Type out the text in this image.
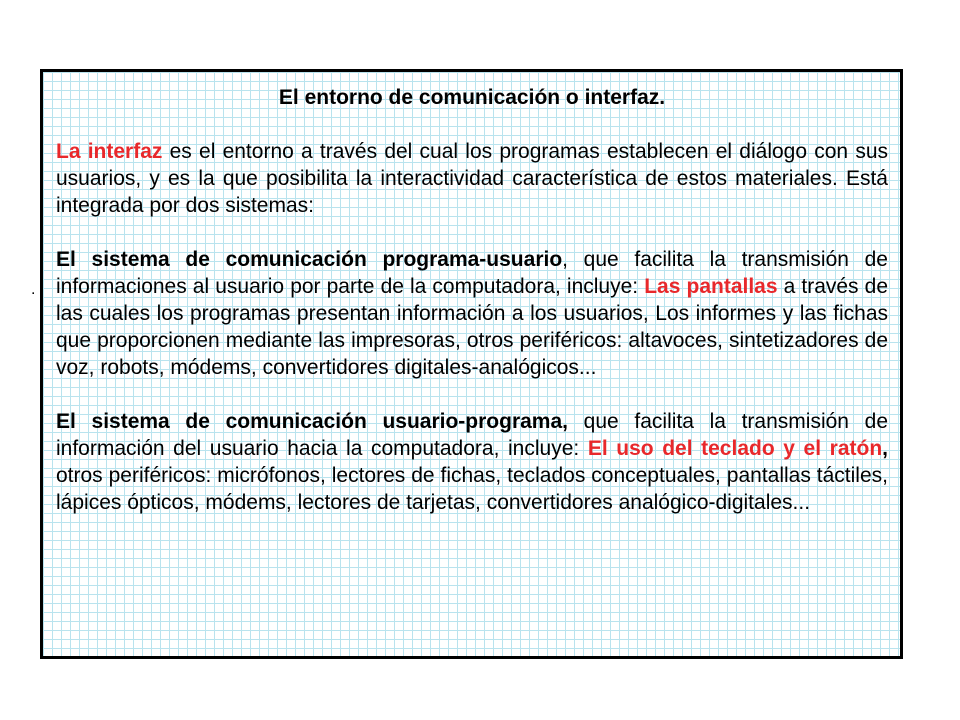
.
El entorno de comunicación o interfaz.

La interfaz es el entorno a través del cual los programas establecen el diálogo con sus usuarios, y es la que posibilita la interactividad característica de estos materiales. Está integrada por dos sistemas:

El sistema de comunicación programa-usuario, que facilita la transmisión de informaciones al usuario por parte de la computadora, incluye: Las pantallas a través de las cuales los programas presentan información a los usuarios, Los informes y las fichas que proporcionen mediante las impresoras, otros periféricos: altavoces, sintetizadores de voz, robots, módems, convertidores digitales-analógicos...

El sistema de comunicación usuario-programa, que facilita la transmisión de información del usuario hacia la computadora, incluye: El uso del teclado y el ratón, otros periféricos: micrófonos, lectores de fichas, teclados conceptuales, pantallas táctiles, lápices ópticos, módems, lectores de tarjetas, convertidores analógico-digitales...
